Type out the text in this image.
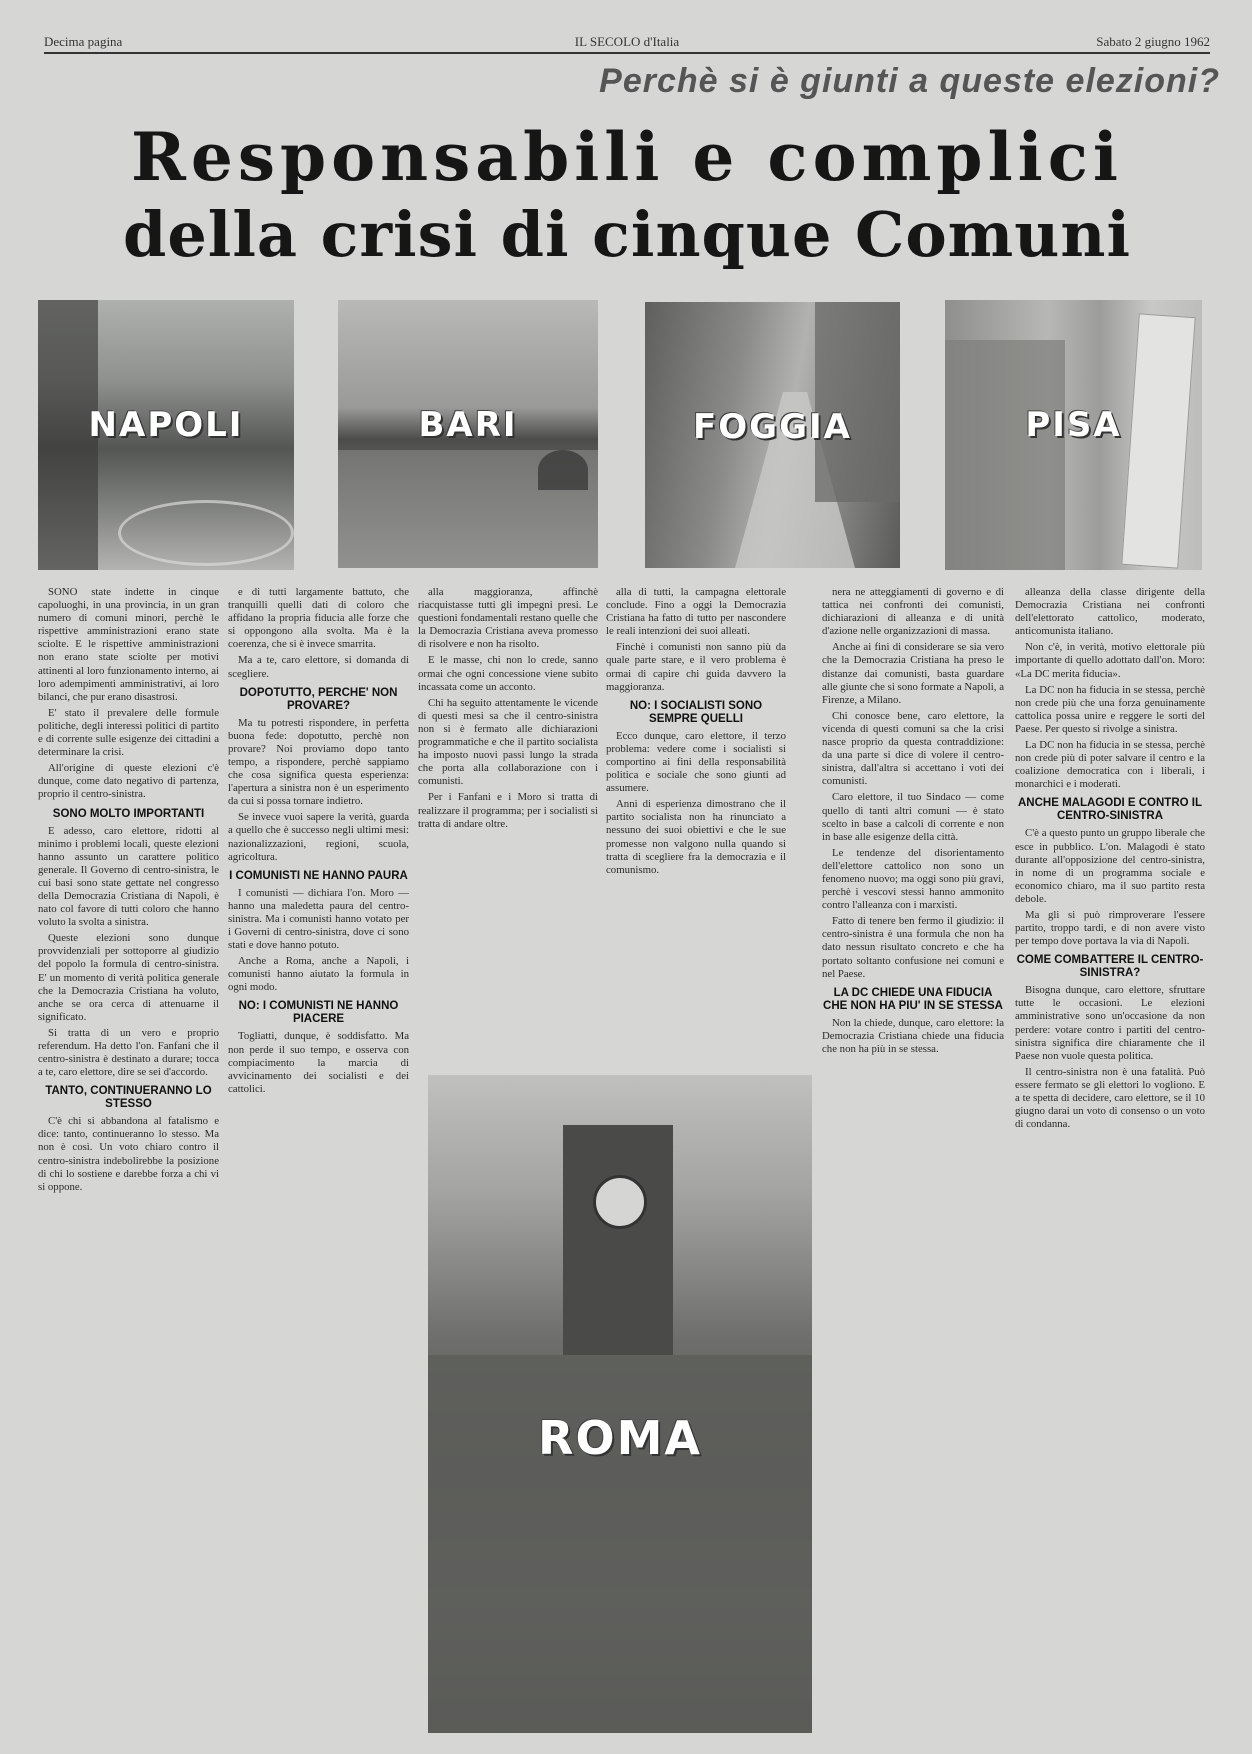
Decima pagina	IL SECOLO d'Italia	Sabato 2 giugno 1962
Perchè si è giunti a queste elezioni?
Responsabili e complici
della crisi di cinque Comuni
NAPOLI	BARI	FOGGIA	PISA
ROMA

SONO state indette in cinque capoluoghi, in una provincia, in un gran numero di comuni minori, perchè le rispettive amministrazioni erano state sciolte. E le rispettive amministrazioni non erano state sciolte per motivi attinenti al loro funzionamento interno, ai loro adempimenti amministrativi, ai loro bilanci, che pur erano disastrosi.

E' stato il prevalere delle formule politiche, degli interessi politici di partito e di corrente sulle esigenze dei cittadini a determinare la crisi.

All'origine di queste elezioni c'è dunque, come dato negativo di partenza, proprio il centro-sinistra.

SONO MOLTO IMPORTANTI

E adesso, caro elettore, ridotti al minimo i problemi locali, queste elezioni hanno assunto un carattere politico generale. Il Governo di centro-sinistra, le cui basi sono state gettate nel congresso della Democrazia Cristiana di Napoli, è nato col favore di tutti coloro che hanno voluto la svolta a sinistra.

Queste elezioni sono dunque provvidenziali per sottoporre al giudizio del popolo la formula di centro-sinistra. E' un momento di verità politica generale che la Democrazia Cristiana ha voluto, anche se ora cerca di attenuarne il significato.

Si tratta di un vero e proprio referendum. Ha detto l'on. Fanfani che il centro-sinistra è destinato a durare; tocca a te, caro elettore, dire se sei d'accordo.

TANTO, CONTINUERANNO LO STESSO

C'è chi si abbandona al fatalismo e dice: tanto, continueranno lo stesso. Ma non è così. Un voto chiaro contro il centro-sinistra indebolirebbe la posizione di chi lo sostiene e darebbe forza a chi vi si oppone.

e di tutti largamente battuto, che tranquilli quelli dati di coloro che affidano la propria fiducia alle forze che si oppongono alla svolta. Ma è la coerenza, che si è invece smarrita.

Ma a te, caro elettore, si domanda di scegliere.

DOPOTUTTO, PERCHE' NON PROVARE?

Ma tu potresti rispondere, in perfetta buona fede: dopotutto, perchè non provare? Noi proviamo dopo tanto tempo, a rispondere, perchè sappiamo che cosa significa questa esperienza: l'apertura a sinistra non è un esperimento da cui si possa tornare indietro.

Se invece vuoi sapere la verità, guarda a quello che è successo negli ultimi mesi: nazionalizzazioni, regioni, scuola, agricoltura.

I COMUNISTI NE HANNO PAURA

I comunisti — dichiara l'on. Moro — hanno una maledetta paura del centro-sinistra. Ma i comunisti hanno votato per i Governi di centro-sinistra, dove ci sono stati e dove hanno potuto.

Anche a Roma, anche a Napoli, i comunisti hanno aiutato la formula in ogni modo.

NO: I COMUNISTI NE HANNO PIACERE

Togliatti, dunque, è soddisfatto. Ma non perde il suo tempo, e osserva con compiacimento la marcia di avvicinamento dei socialisti e dei cattolici.

alla maggioranza, affinchè riacquistasse tutti gli impegni presi. Le questioni fondamentali restano quelle che la Democrazia Cristiana aveva promesso di risolvere e non ha risolto.

E le masse, chi non lo crede, sanno ormai che ogni concessione viene subito incassata come un acconto.

Chi ha seguito attentamente le vicende di questi mesi sa che il centro-sinistra non si è fermato alle dichiarazioni programmatiche e che il partito socialista ha imposto nuovi passi lungo la strada che porta alla collaborazione con i comunisti.

Per i Fanfani e i Moro si tratta di realizzare il programma; per i socialisti si tratta di andare oltre.

alla di tutti, la campagna elettorale conclude. Fino a oggi la Democrazia Cristiana ha fatto di tutto per nascondere le reali intenzioni dei suoi alleati.

Finchè i comunisti non sanno più da quale parte stare, e il vero problema è ormai di capire chi guida davvero la maggioranza.

NO: I SOCIALISTI SONO SEMPRE QUELLI

Ecco dunque, caro elettore, il terzo problema: vedere come i socialisti si comportino ai fini della responsabilità politica e sociale che sono giunti ad assumere.

Anni di esperienza dimostrano che il partito socialista non ha rinunciato a nessuno dei suoi obiettivi e che le sue promesse non valgono nulla quando si tratta di scegliere fra la democrazia e il comunismo.

nera ne atteggiamenti di governo e di tattica nei confronti dei comunisti, dichiarazioni di alleanza e di unità d'azione nelle organizzazioni di massa.

Anche ai fini di considerare se sia vero che la Democrazia Cristiana ha preso le distanze dai comunisti, basta guardare alle giunte che si sono formate a Napoli, a Firenze, a Milano.

Chi conosce bene, caro elettore, la vicenda di questi comuni sa che la crisi nasce proprio da questa contraddizione: da una parte si dice di volere il centro-sinistra, dall'altra si accettano i voti dei comunisti.

Caro elettore, il tuo Sindaco — come quello di tanti altri comuni — è stato scelto in base a calcoli di corrente e non in base alle esigenze della città.

Le tendenze del disorientamento dell'elettore cattolico non sono un fenomeno nuovo; ma oggi sono più gravi, perchè i vescovi stessi hanno ammonito contro l'alleanza con i marxisti.

Fatto di tenere ben fermo il giudizio: il centro-sinistra è una formula che non ha dato nessun risultato concreto e che ha portato soltanto confusione nei comuni e nel Paese.

LA DC CHIEDE UNA FIDUCIA CHE NON HA PIU' IN SE STESSA

Non la chiede, dunque, caro elettore: la Democrazia Cristiana chiede una fiducia che non ha più in se stessa.

alleanza della classe dirigente della Democrazia Cristiana nei confronti dell'elettorato cattolico, moderato, anticomunista italiano.

Non c'è, in verità, motivo elettorale più importante di quello adottato dall'on. Moro: «La DC merita fiducia».

La DC non ha fiducia in se stessa, perchè non crede più che una forza genuinamente cattolica possa unire e reggere le sorti del Paese. Per questo si rivolge a sinistra.

La DC non ha fiducia in se stessa, perchè non crede più di poter salvare il centro e la coalizione democratica con i liberali, i monarchici e i moderati.

ANCHE MALAGODI E CONTRO IL CENTRO-SINISTRA

C'è a questo punto un gruppo liberale che esce in pubblico. L'on. Malagodi è stato durante all'opposizione del centro-sinistra, in nome di un programma sociale e economico chiaro, ma il suo partito resta debole.

Ma gli si può rimproverare l'essere partito, troppo tardi, e di non avere visto per tempo dove portava la via di Napoli.

COME COMBATTERE IL CENTRO-SINISTRA?

Bisogna dunque, caro elettore, sfruttare tutte le occasioni. Le elezioni amministrative sono un'occasione da non perdere: votare contro i partiti del centro-sinistra significa dire chiaramente che il Paese non vuole questa politica.

Il centro-sinistra non è una fatalità. Può essere fermato se gli elettori lo vogliono. E a te spetta di decidere, caro elettore, se il 10 giugno darai un voto di consenso o un voto di condanna.
